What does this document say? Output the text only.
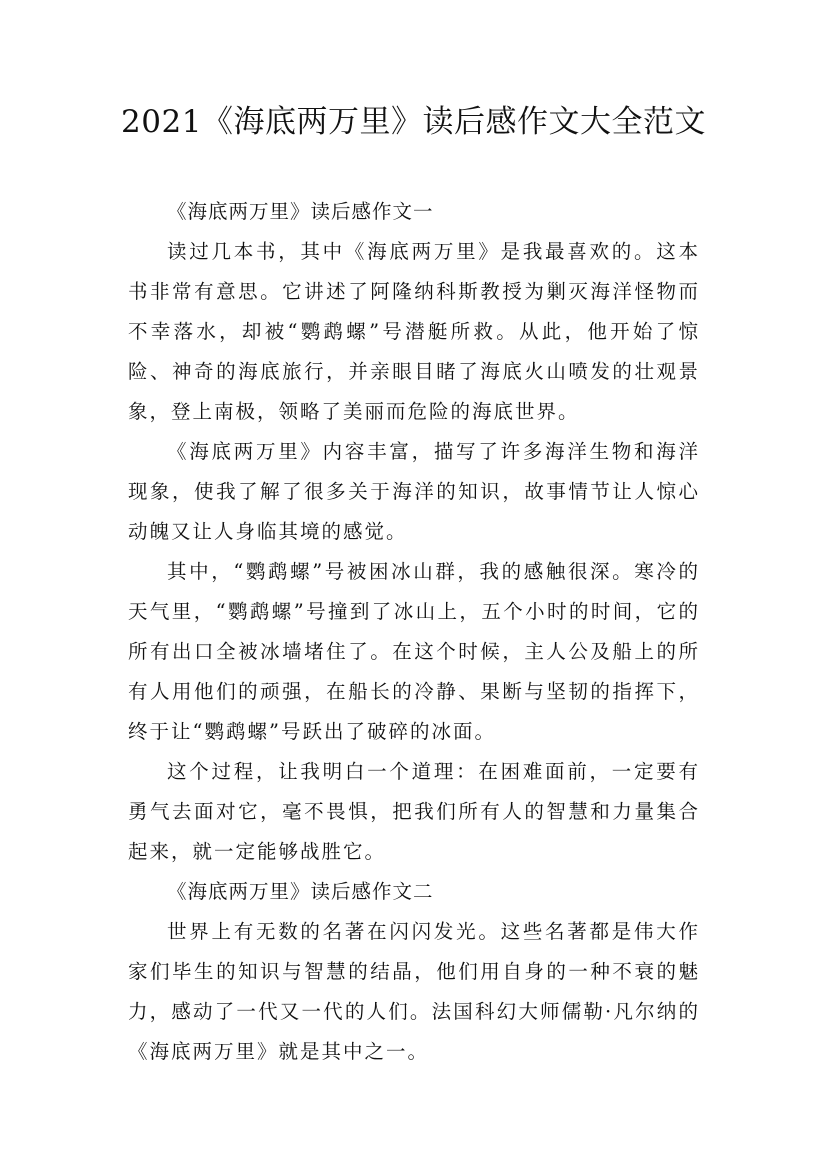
2021《海底两万里》读后感作文大全范文

《海底两万里》读后感作文一

读过几本书，其中《海底两万里》是我最喜欢的。这本书非常有意思。它讲述了阿隆纳科斯教授为剿灭海洋怪物而不幸落水，却被“鹦鹉螺”号潜艇所救。从此，他开始了惊险、神奇的海底旅行，并亲眼目睹了海底火山喷发的壮观景象，登上南极，领略了美丽而危险的海底世界。

《海底两万里》内容丰富，描写了许多海洋生物和海洋现象，使我了解了很多关于海洋的知识，故事情节让人惊心动魄又让人身临其境的感觉。

其中，“鹦鹉螺”号被困冰山群，我的感触很深。寒冷的天气里，“鹦鹉螺”号撞到了冰山上，五个小时的时间，它的所有出口全被冰墙堵住了。在这个时候，主人公及船上的所有人用他们的顽强，在船长的冷静、果断与坚韧的指挥下，终于让“鹦鹉螺”号跃出了破碎的冰面。

这个过程，让我明白一个道理：在困难面前，一定要有勇气去面对它，毫不畏惧，把我们所有人的智慧和力量集合起来，就一定能够战胜它。

《海底两万里》读后感作文二

世界上有无数的名著在闪闪发光。这些名著都是伟大作家们毕生的知识与智慧的结晶，他们用自身的一种不衰的魅力，感动了一代又一代的人们。法国科幻大师儒勒·凡尔纳的《海底两万里》就是其中之一。
